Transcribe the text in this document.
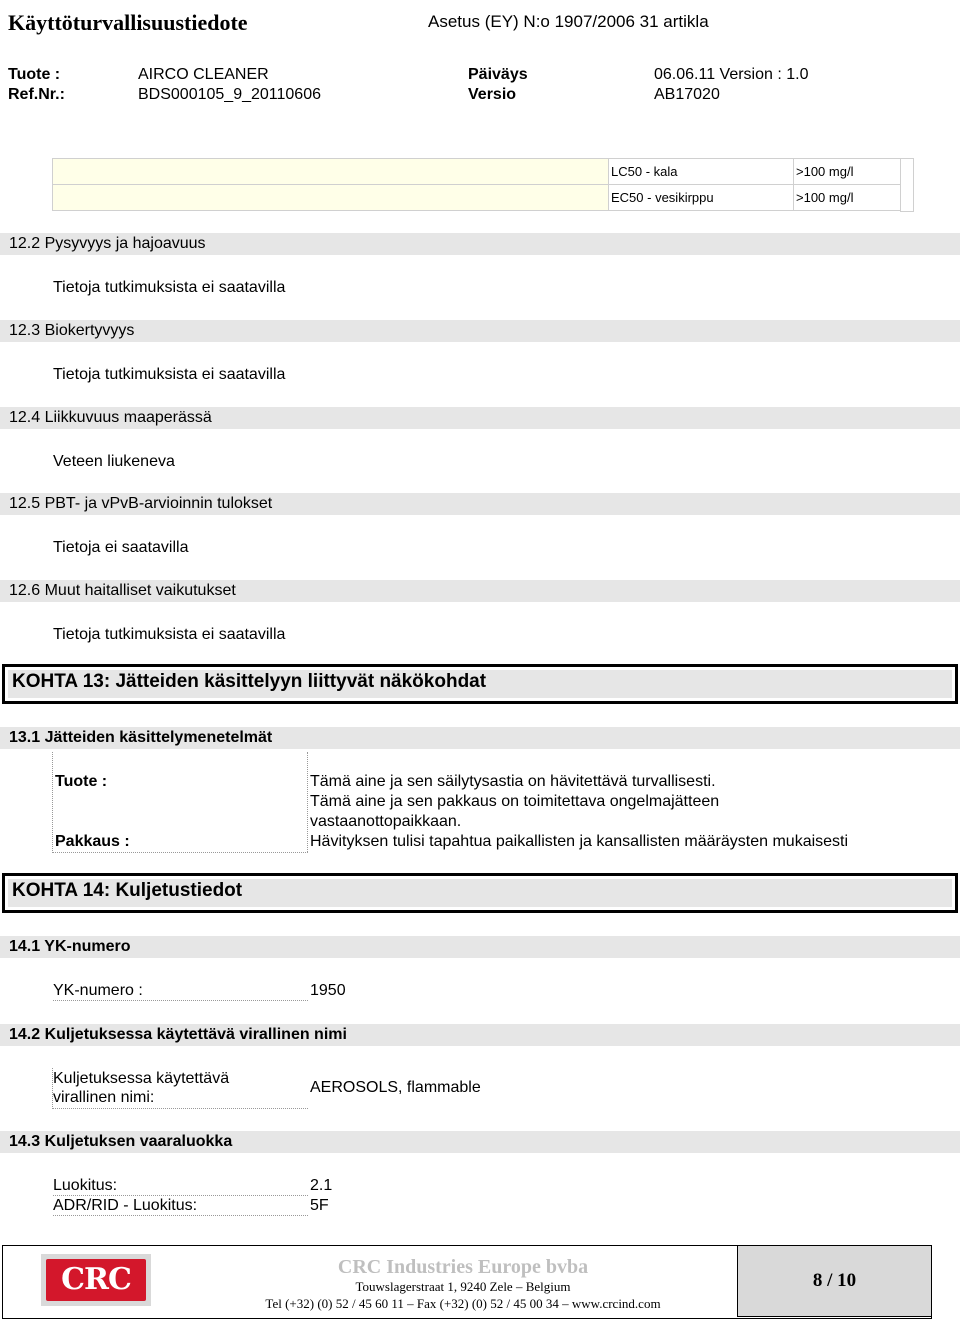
Käyttöturvallisuustiedote	Asetus (EY) N:o 1907/2006 31 artikla
Tuote :	AIRCO CLEANER	Päiväys	06.06.11 Version : 1.0
Ref.Nr.:	BDS000105_9_20110606	Versio	AB17020
LC50 - kala	>100 mg/l
EC50 - vesikirppu	>100 mg/l
12.2 Pysyvyys ja hajoavuus
Tietoja tutkimuksista ei saatavilla
12.3 Biokertyvyys
Tietoja tutkimuksista ei saatavilla
12.4 Liikkuvuus maaperässä
Veteen liukeneva
12.5 PBT- ja vPvB-arvioinnin tulokset
Tietoja ei saatavilla
12.6 Muut haitalliset vaikutukset
Tietoja tutkimuksista ei saatavilla
KOHTA 13: Jätteiden käsittelyyn liittyvät näkökohdat
13.1 Jätteiden käsittelymenetelmät
Tuote :	Tämä aine ja sen säilytysastia on hävitettävä turvallisesti.
Tämä aine ja sen pakkaus on toimitettava ongelmajätteen
vastaanottopaikkaan.
Pakkaus :	Hävityksen tulisi tapahtua paikallisten ja kansallisten määräysten mukaisesti
KOHTA 14: Kuljetustiedot
14.1 YK-numero
YK-numero :	1950
14.2 Kuljetuksessa käytettävä virallinen nimi
Kuljetuksessa käytettävä
virallinen nimi:
AEROSOLS, flammable
14.3 Kuljetuksen vaaraluokka
Luokitus:	2.1
ADR/RID - Luokitus:	5F
CRC	CRC Industries Europe bvba
Touwslagerstraat 1, 9240 Zele – Belgium
Tel (+32) (0) 52 / 45 60 11 – Fax (+32) (0) 52 / 45 00 34 – www.crcind.com
8 / 10
